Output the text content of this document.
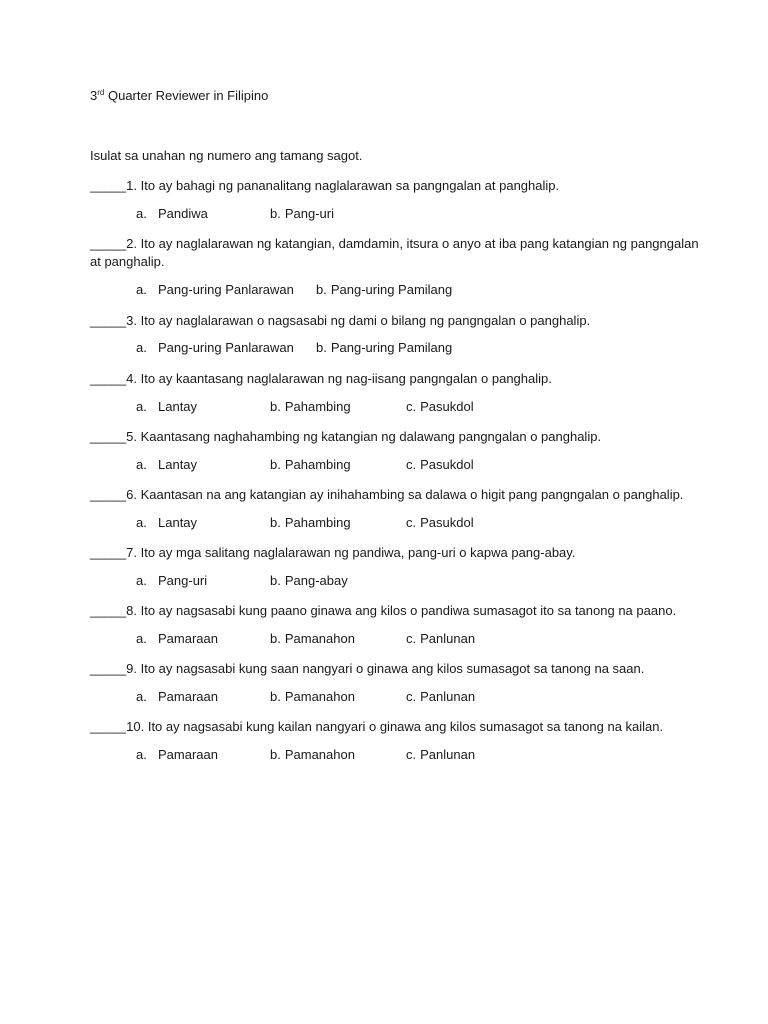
3rd Quarter Reviewer in Filipino
Isulat sa unahan ng numero ang tamang sagot.
_____1. Ito ay bahagi ng pananalitang naglalarawan sa pangngalan at panghalip.
a. Pandiwa	b. Pang-uri
_____2. Ito ay naglalarawan ng katangian, damdamin, itsura o anyo at iba pang katangian ng pangngalan at panghalip.
a. Pang-uring Panlarawan b. Pang-uring Pamilang
_____3. Ito ay naglalarawan o nagsasabi ng dami o bilang ng pangngalan o panghalip.
a. Pang-uring Panlarawan b. Pang-uring Pamilang
_____4. Ito ay kaantasang naglalarawan ng nag-iisang pangngalan o panghalip.
a. Lantay	b. Pahambing	c. Pasukdol
_____5. Kaantasang naghahambing ng katangian ng dalawang pangngalan o panghalip.
a. Lantay	b. Pahambing	c. Pasukdol
_____6. Kaantasan na ang katangian ay inihahambing sa dalawa o higit pang pangngalan o panghalip.
a. Lantay	b. Pahambing	c. Pasukdol
_____7. Ito ay mga salitang naglalarawan ng pandiwa, pang-uri o kapwa pang-abay.
a. Pang-uri	b. Pang-abay
_____8. Ito ay nagsasabi kung paano ginawa ang kilos o pandiwa sumasagot ito sa tanong na paano.
a. Pamaraan	b. Pamanahon	c. Panlunan
_____9. Ito ay nagsasabi kung saan nangyari o ginawa ang kilos sumasagot sa tanong na saan.
a. Pamaraan	b. Pamanahon	c. Panlunan
_____10. Ito ay nagsasabi kung kailan nangyari o ginawa ang kilos sumasagot sa tanong na kailan.
a. Pamaraan	b. Pamanahon	c. Panlunan
